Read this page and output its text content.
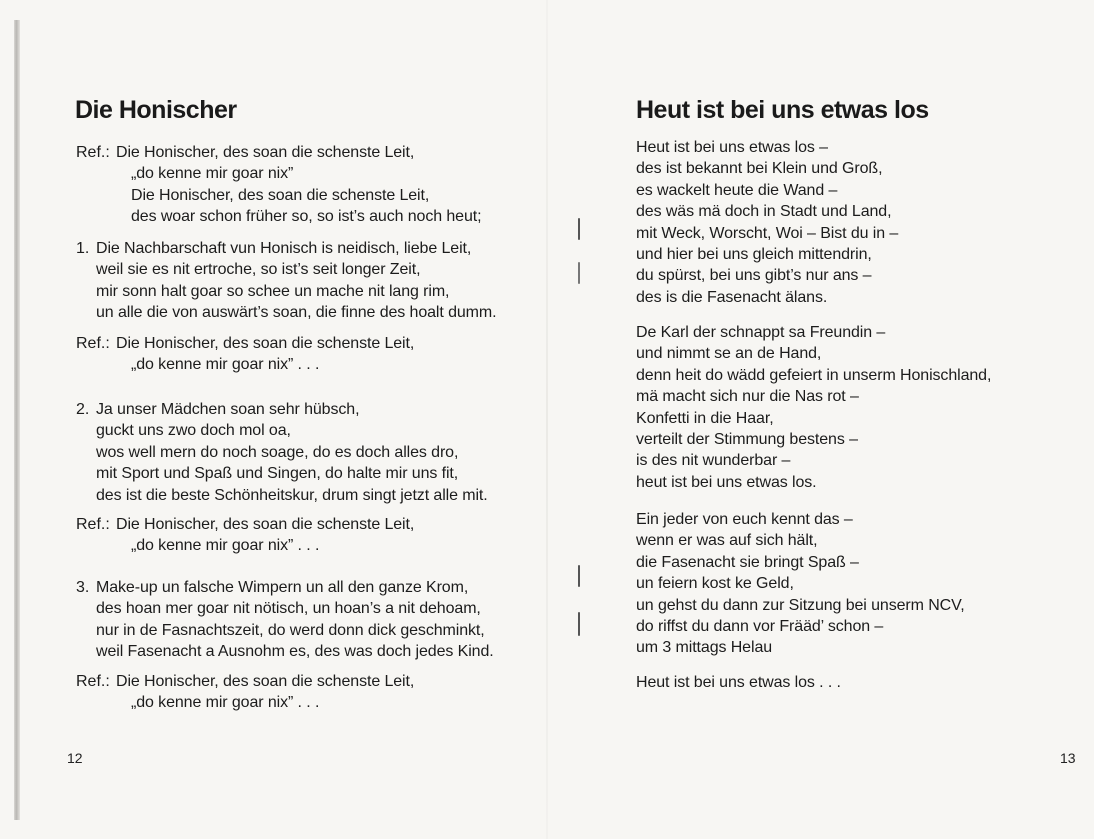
Die Honischer
Ref.: Die Honischer, des soan die schenste Leit,
„do kenne mir goar nix”
Die Honischer, des soan die schenste Leit,
des woar schon früher so, so ist’s auch noch heut;
1. Die Nachbarschaft vun Honisch is neidisch, liebe Leit,
weil sie es nit ertroche, so ist’s seit longer Zeit,
mir sonn halt goar so schee un mache nit lang rim,
un alle die von auswärt’s soan, die finne des hoalt dumm.
Ref.: Die Honischer, des soan die schenste Leit,
„do kenne mir goar nix” . . .
2. Ja unser Mädchen soan sehr hübsch,
guckt uns zwo doch mol oa,
wos well mern do noch soage, do es doch alles dro,
mit Sport und Spaß und Singen, do halte mir uns fit,
des ist die beste Schönheitskur, drum singt jetzt alle mit.
Ref.: Die Honischer, des soan die schenste Leit,
„do kenne mir goar nix” . . .
3. Make-up un falsche Wimpern un all den ganze Krom,
des hoan mer goar nit nötisch, un hoan’s a nit dehoam,
nur in de Fasnachtszeit, do werd donn dick geschminkt,
weil Fasenacht a Ausnohm es, des was doch jedes Kind.
Ref.: Die Honischer, des soan die schenste Leit,
„do kenne mir goar nix” . . .
12
Heut ist bei uns etwas los
Heut ist bei uns etwas los –
des ist bekannt bei Klein und Groß,
es wackelt heute die Wand –
des wäs mä doch in Stadt und Land,
mit Weck, Worscht, Woi – Bist du in –
und hier bei uns gleich mittendrin,
du spürst, bei uns gibt’s nur ans –
des is die Fasenacht älans.
De Karl der schnappt sa Freundin –
und nimmt se an de Hand,
denn heit do wädd gefeiert in unserm Honischland,
mä macht sich nur die Nas rot –
Konfetti in die Haar,
verteilt der Stimmung bestens –
is des nit wunderbar –
heut ist bei uns etwas los.
Ein jeder von euch kennt das –
wenn er was auf sich hält,
die Fasenacht sie bringt Spaß –
un feiern kost ke Geld,
un gehst du dann zur Sitzung bei unserm NCV,
do riffst du dann vor Frääd’ schon –
um 3 mittags Helau
Heut ist bei uns etwas los . . .
13
